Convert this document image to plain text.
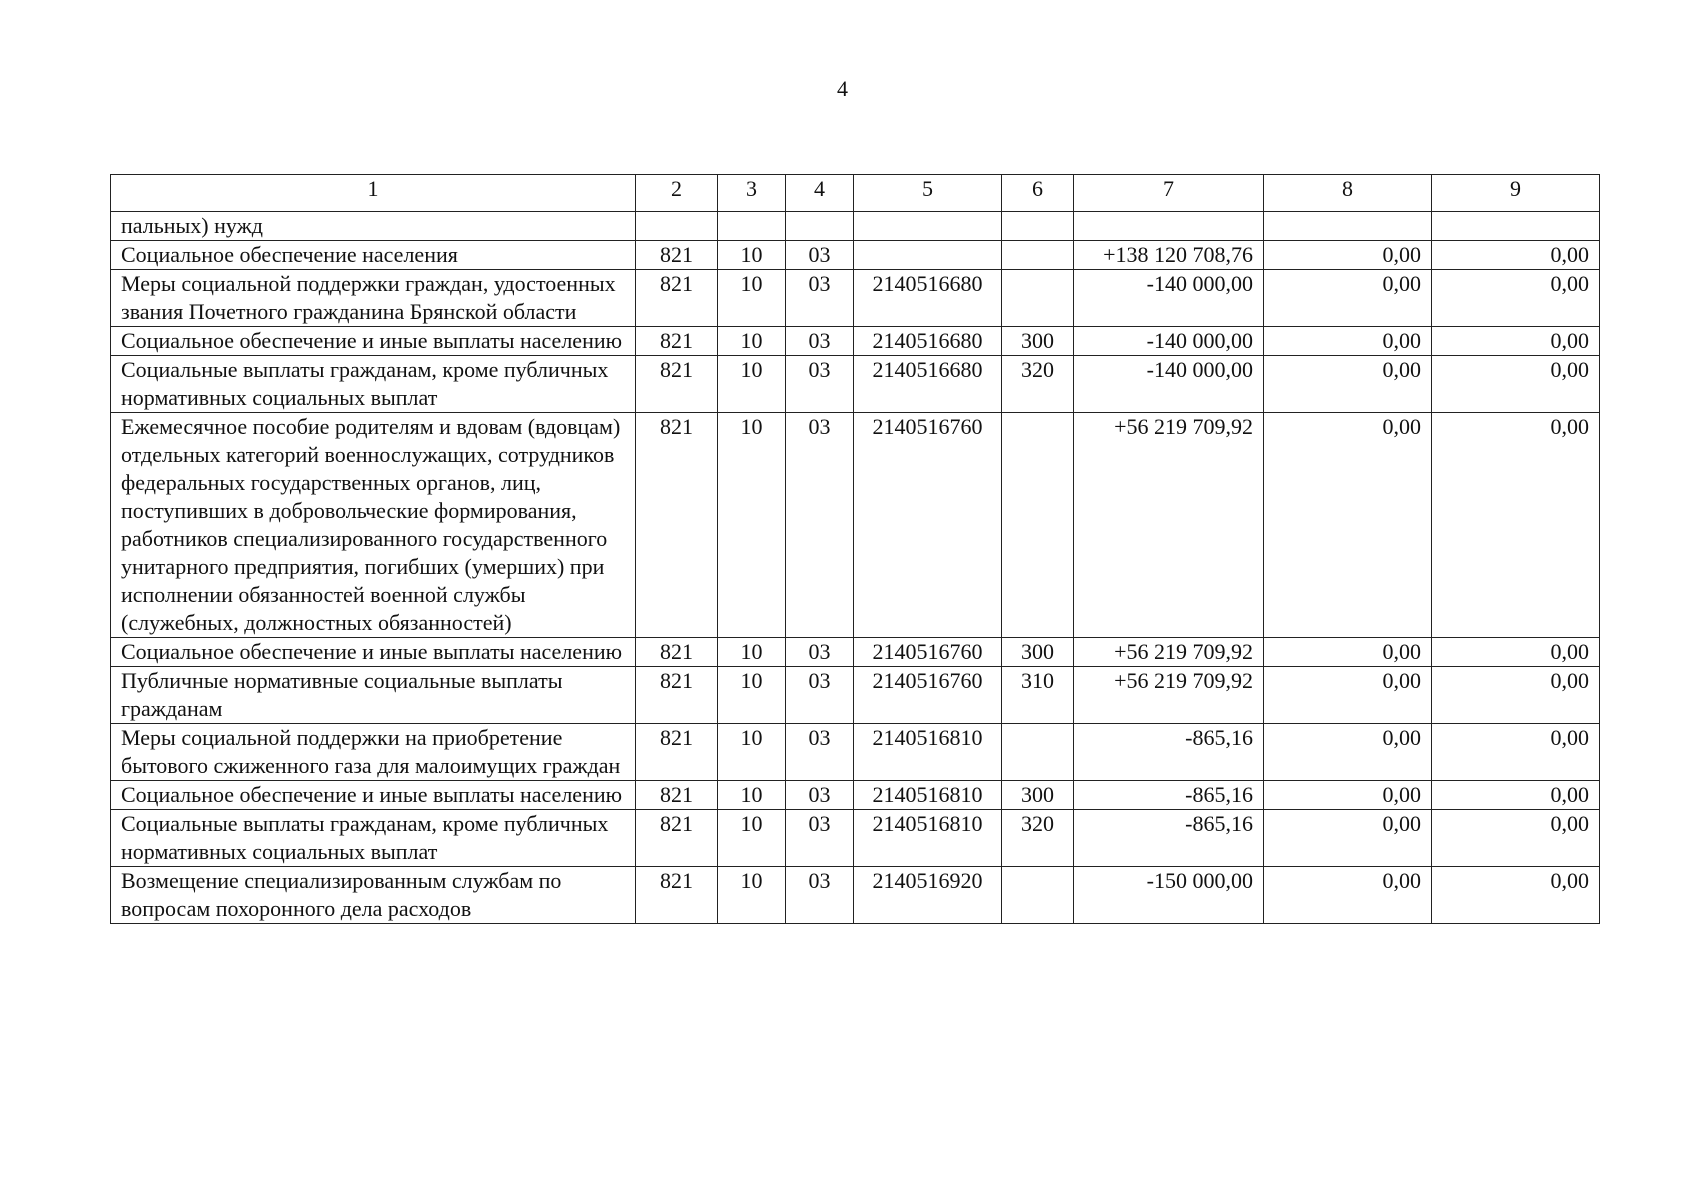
4
1	2	3	4	5	6	7	8	9
пальных) нужд								
Социальное обеспечение населения	821	10	03			+138 120 708,76	0,00	0,00
Меры социальной поддержки граждан, удостоенных звания Почетного гражданина Брянской области	821	10	03	2140516680		-140 000,00	0,00	0,00
Социальное обеспечение и иные выплаты населению	821	10	03	2140516680	300	-140 000,00	0,00	0,00
Социальные выплаты гражданам, кроме публичных нормативных социальных выплат	821	10	03	2140516680	320	-140 000,00	0,00	0,00
Ежемесячное пособие родителям и вдовам (вдовцам) отдельных категорий военнослужащих, сотрудников федеральных государственных органов, лиц, поступивших в добровольческие формирования, работников специализированного государственного унитарного предприятия, погибших (умерших) при исполнении обязанностей военной службы (служебных, должностных обязанностей)	821	10	03	2140516760		+56 219 709,92	0,00	0,00
Социальное обеспечение и иные выплаты населению	821	10	03	2140516760	300	+56 219 709,92	0,00	0,00
Публичные нормативные социальные выплаты гражданам	821	10	03	2140516760	310	+56 219 709,92	0,00	0,00
Меры социальной поддержки на приобретение бытового сжиженного газа для малоимущих граждан	821	10	03	2140516810		-865,16	0,00	0,00
Социальное обеспечение и иные выплаты населению	821	10	03	2140516810	300	-865,16	0,00	0,00
Социальные выплаты гражданам, кроме публичных нормативных социальных выплат	821	10	03	2140516810	320	-865,16	0,00	0,00
Возмещение специализированным службам по вопросам похоронного дела расходов	821	10	03	2140516920		-150 000,00	0,00	0,00
